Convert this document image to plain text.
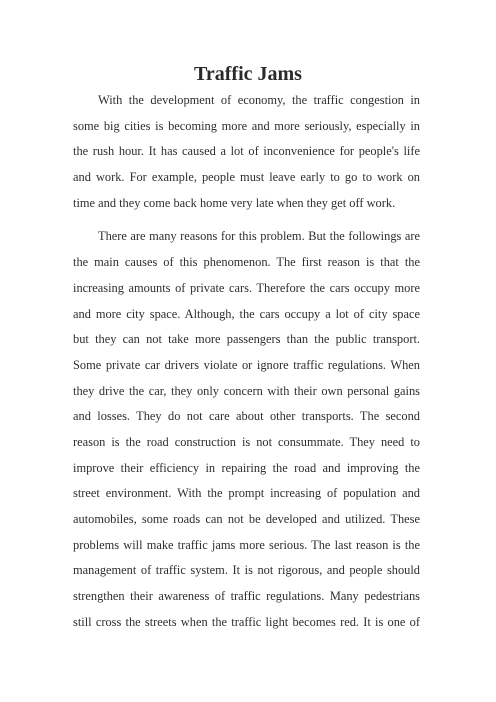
Traffic Jams
With the development of economy, the traffic congestion in
some big cities is becoming more and more seriously, especially in
the rush hour. It has caused a lot of inconvenience for people's life
and work. For example, people must leave early to go to work on
time and they come back home very late when they get off work.
There are many reasons for this problem. But the followings are
the main causes of this phenomenon. The first reason is that the
increasing amounts of private cars. Therefore the cars occupy more
and more city space. Although, the cars occupy a lot of city space
but they can not take more passengers than the public transport.
Some private car drivers violate or ignore traffic regulations. When
they drive the car, they only concern with their own personal gains
and losses. They do not care about other transports. The second
reason is the road construction is not consummate. They need to
improve their efficiency in repairing the road and improving the
street environment. With the prompt increasing of population and
automobiles, some roads can not be developed and utilized. These
problems will make traffic jams more serious. The last reason is the
management of traffic system. It is not rigorous, and people should
strengthen their awareness of traffic regulations. Many pedestrians
still cross the streets when the traffic light becomes red. It is one of
